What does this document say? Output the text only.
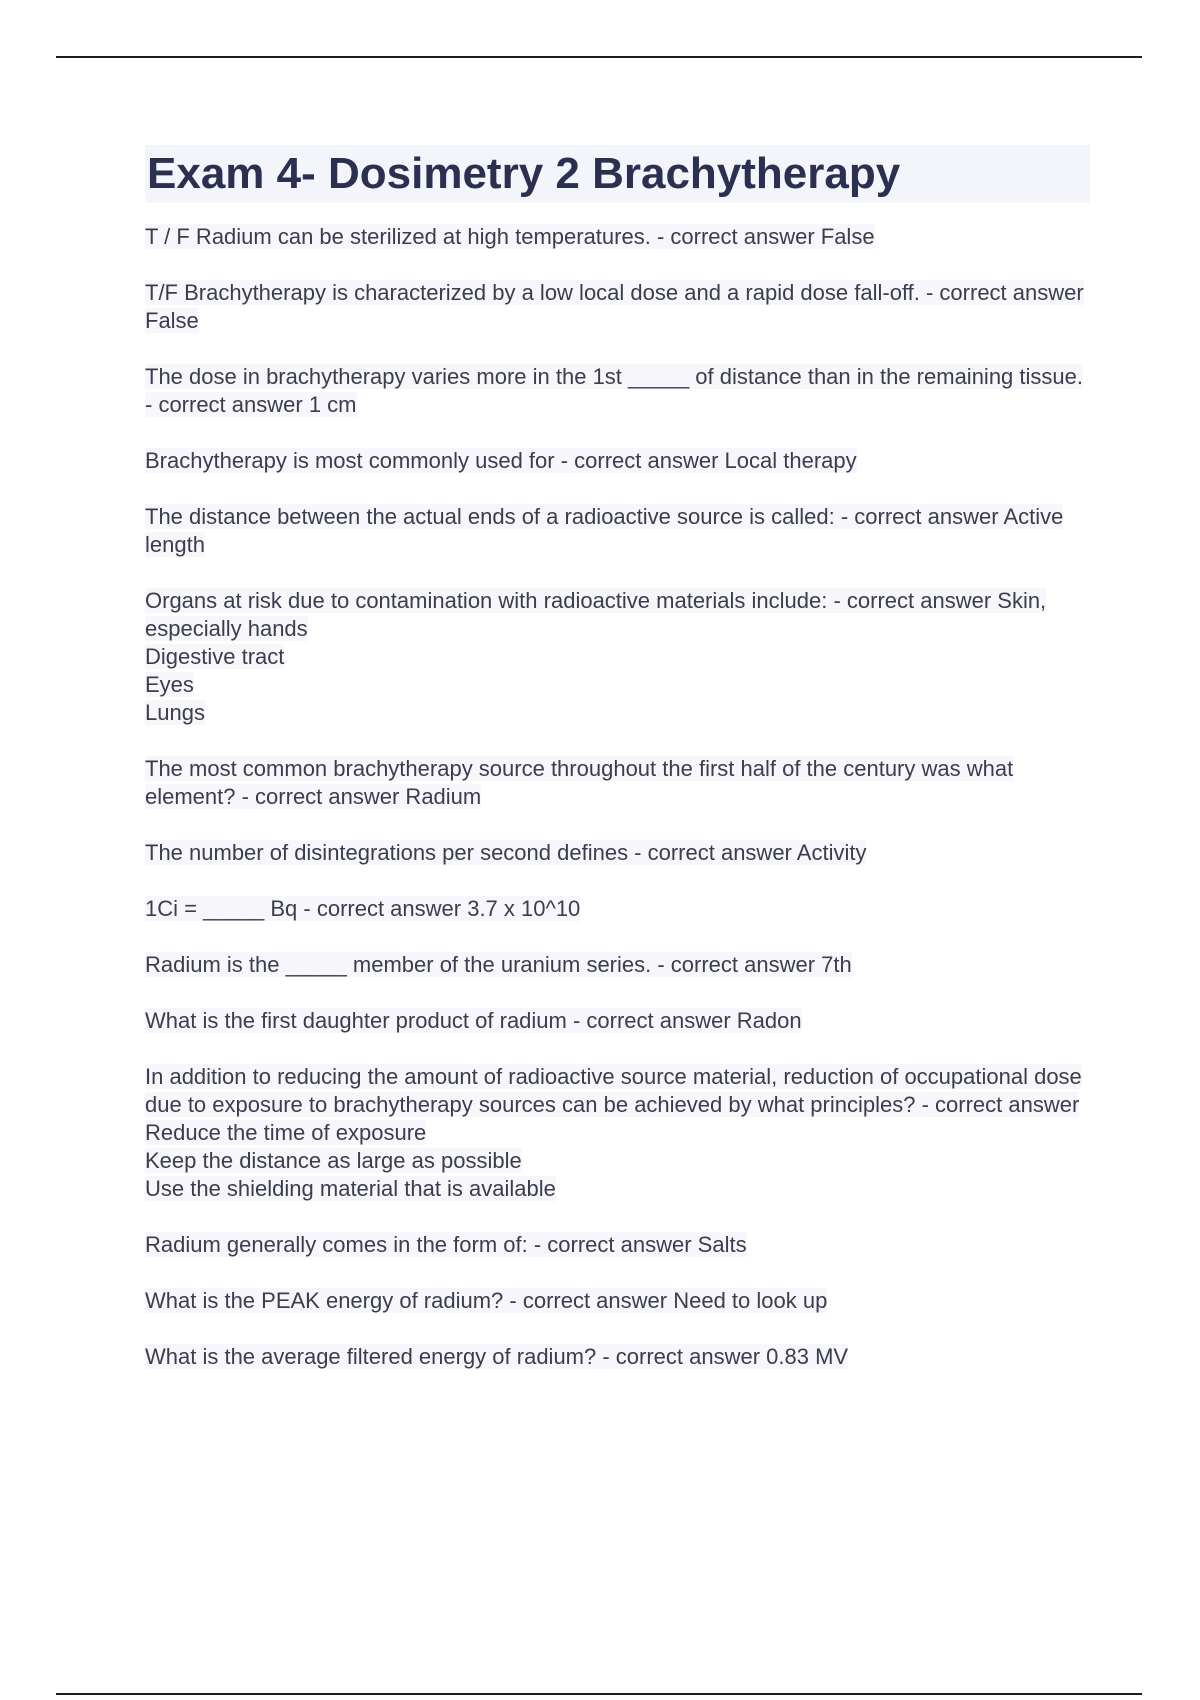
Exam 4- Dosimetry 2 Brachytherapy
T / F Radium can be sterilized at high temperatures. - correct answer False
T/F Brachytherapy is characterized by a low local dose and a rapid dose fall-off. - correct answer False
The dose in brachytherapy varies more in the 1st _____ of distance than in the remaining tissue. - correct answer 1 cm
Brachytherapy is most commonly used for - correct answer Local therapy
The distance between the actual ends of a radioactive source is called: - correct answer Active length
Organs at risk due to contamination with radioactive materials include: - correct answer Skin, especially hands
Digestive tract
Eyes
Lungs
The most common brachytherapy source throughout the first half of the century was what element? - correct answer Radium
The number of disintegrations per second defines - correct answer Activity
1Ci = _____ Bq - correct answer 3.7 x 10^10
Radium is the _____ member of the uranium series. - correct answer 7th
What is the first daughter product of radium - correct answer Radon
In addition to reducing the amount of radioactive source material, reduction of occupational dose due to exposure to brachytherapy sources can be achieved by what principles? - correct answer Reduce the time of exposure
Keep the distance as large as possible
Use the shielding material that is available
Radium generally comes in the form of: - correct answer Salts
What is the PEAK energy of radium? - correct answer Need to look up
What is the average filtered energy of radium? - correct answer 0.83 MV
